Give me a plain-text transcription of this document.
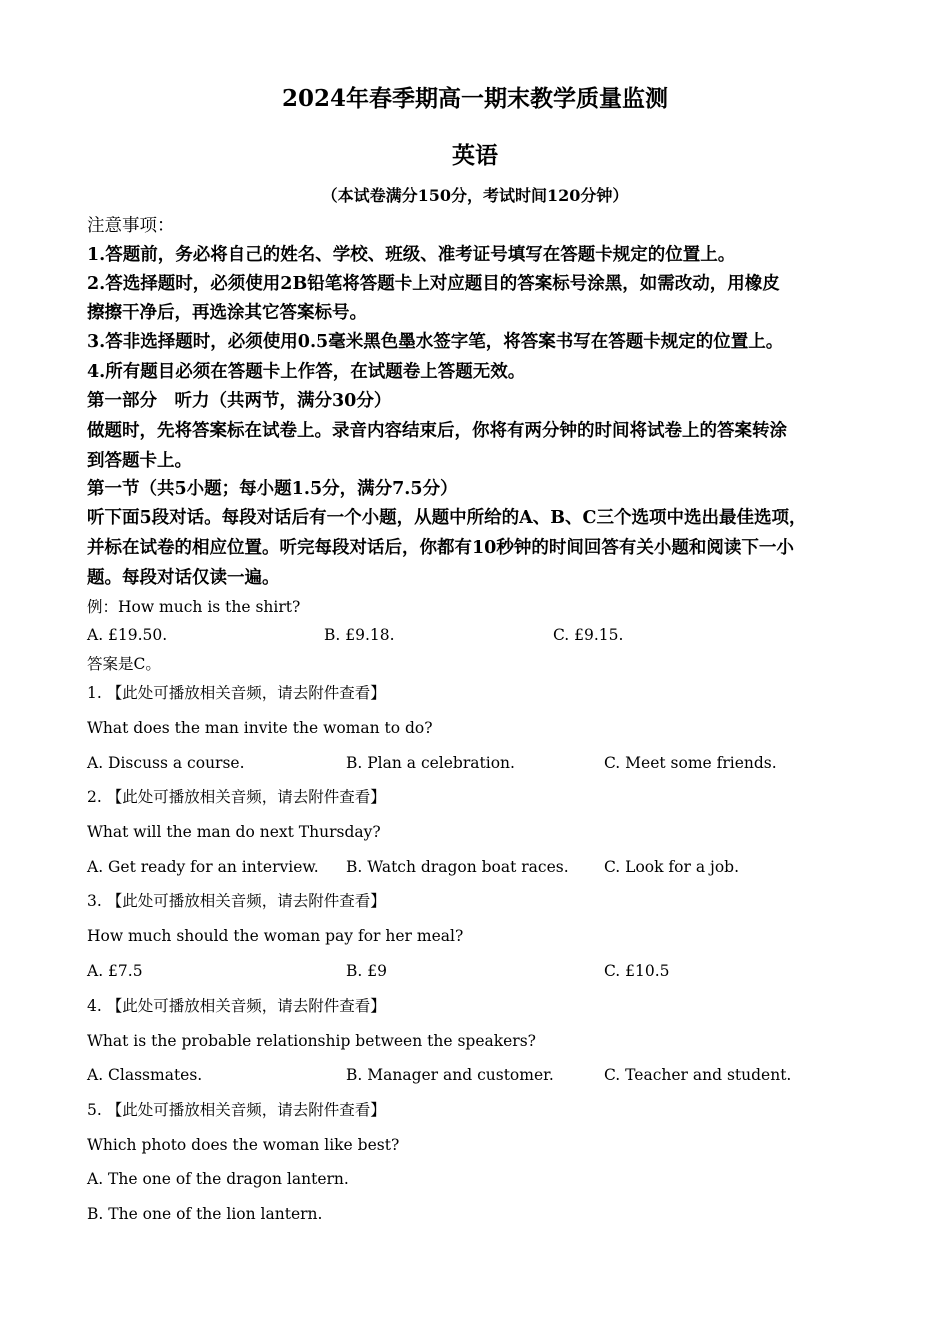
2024年春季期高一期末教学质量监测
英语
（本试卷满分150分，考试时间120分钟）
注意事项：
1.答题前，务必将自己的姓名、学校、班级、准考证号填写在答题卡规定的位置上。
2.答选择题时，必须使用2B铅笔将答题卡上对应题目的答案标号涂黑，如需改动，用橡皮
擦擦干净后，再选涂其它答案标号。
3.答非选择题时，必须使用0.5毫米黑色墨水签字笔，将答案书写在答题卡规定的位置上。
4.所有题目必须在答题卡上作答，在试题卷上答题无效。
第一部分　听力（共两节，满分30分）
做题时，先将答案标在试卷上。录音内容结束后，你将有两分钟的时间将试卷上的答案转涂
到答题卡上。
第一节（共5小题；每小题1.5分，满分7.5分）
听下面5段对话。每段对话后有一个小题，从题中所给的A、B、C三个选项中选出最佳选项，
并标在试卷的相应位置。听完每段对话后，你都有10秒钟的时间回答有关小题和阅读下一小
题。每段对话仅读一遍。
例：How much is the shirt?
A. £19.50.	B. £9.18.	C. £9.15.
答案是C。
1. 【此处可播放相关音频，请去附件查看】
What does the man invite the woman to do?
A. Discuss a course.	B. Plan a celebration.	C. Meet some friends.
2. 【此处可播放相关音频，请去附件查看】
What will the man do next Thursday?
A. Get ready for an interview. B. Watch dragon boat races. C. Look for a job.
3. 【此处可播放相关音频，请去附件查看】
How much should the woman pay for her meal?
A. £7.5	B. £9	C. £10.5
4. 【此处可播放相关音频，请去附件查看】
What is the probable relationship between the speakers?
A. Classmates.	B. Manager and customer.	C. Teacher and student.
5. 【此处可播放相关音频，请去附件查看】
Which photo does the woman like best?
A. The one of the dragon lantern.
B. The one of the lion lantern.
